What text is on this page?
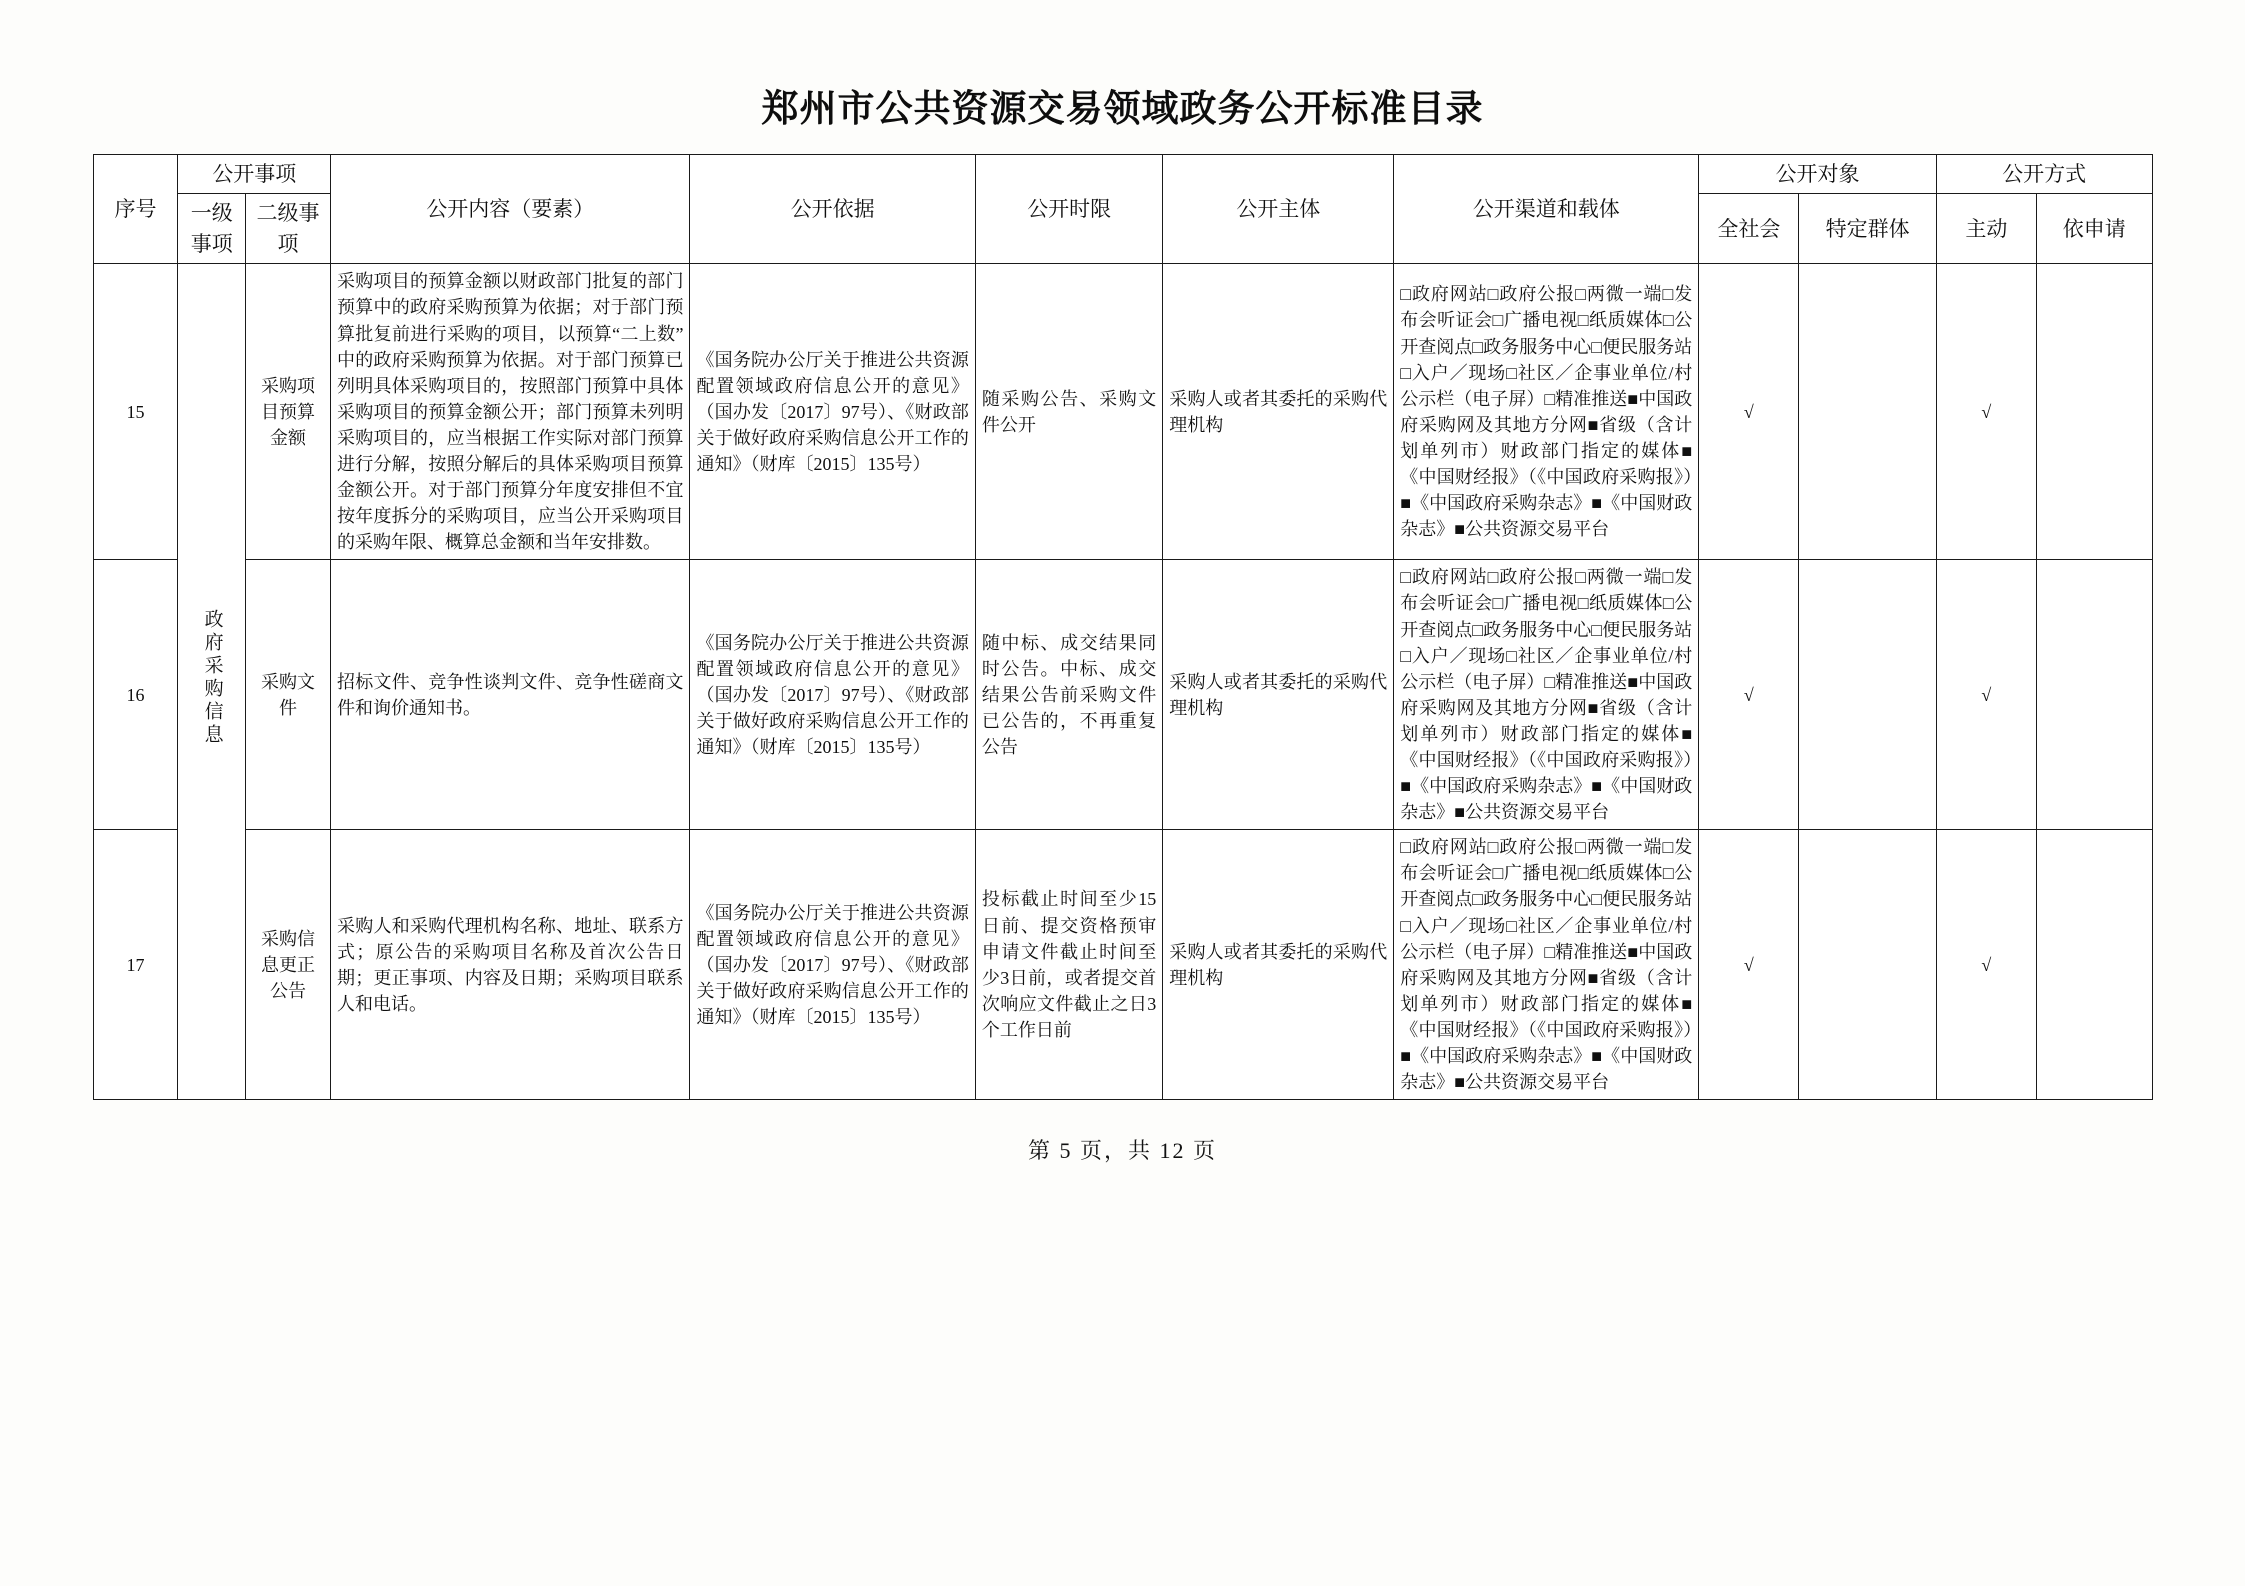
郑州市公共资源交易领域政务公开标准目录
序号	公开事项		公开内容（要素）	公开依据	公开时限	公开主体	公开渠道和载体	公开对象		公开方式	
	一级事项	二级事项						全社会	特定群体	主动	依申请
15	政府采购信息	采购项目预算金额	采购项目的预算金额以财政部门批复的部门预算中的政府采购预算为依据；对于部门预算批复前进行采购的项目，以预算“二上数”中的政府采购预算为依据。对于部门预算已列明具体采购项目的，按照部门预算中具体采购项目的预算金额公开；部门预算未列明采购项目的，应当根据工作实际对部门预算进行分解，按照分解后的具体采购项目预算金额公开。对于部门预算分年度安排但不宜按年度拆分的采购项目，应当公开采购项目的采购年限、概算总金额和当年安排数。	《国务院办公厅关于推进公共资源配置领域政府信息公开的意见》（国办发〔2017〕97号）、《财政部关于做好政府采购信息公开工作的通知》（财库〔2015〕135号）	随采购公告、采购文件公开	采购人或者其委托的采购代理机构	□政府网站□政府公报□两微一端□发布会听证会□广播电视□纸质媒体□公开查阅点□政务服务中心□便民服务站□入户／现场□社区／企事业单位/村公示栏（电子屏）□精准推送■中国政府采购网及其地方分网■省级（含计划单列市）财政部门指定的媒体■《中国财经报》（《中国政府采购报》）■《中国政府采购杂志》■《中国财政杂志》■公共资源交易平台	√		√	
16		采购文件	招标文件、竞争性谈判文件、竞争性磋商文件和询价通知书。	《国务院办公厅关于推进公共资源配置领域政府信息公开的意见》（国办发〔2017〕97号）、《财政部关于做好政府采购信息公开工作的通知》（财库〔2015〕135号）	随中标、成交结果同时公告。中标、成交结果公告前采购文件已公告的，不再重复公告	采购人或者其委托的采购代理机构	□政府网站□政府公报□两微一端□发布会听证会□广播电视□纸质媒体□公开查阅点□政务服务中心□便民服务站□入户／现场□社区／企事业单位/村公示栏（电子屏）□精准推送■中国政府采购网及其地方分网■省级（含计划单列市）财政部门指定的媒体■《中国财经报》（《中国政府采购报》）■《中国政府采购杂志》■《中国财政杂志》■公共资源交易平台	√		√	
17		采购信息更正公告	采购人和采购代理机构名称、地址、联系方式；原公告的采购项目名称及首次公告日期；更正事项、内容及日期；采购项目联系人和电话。	《国务院办公厅关于推进公共资源配置领域政府信息公开的意见》（国办发〔2017〕97号）、《财政部关于做好政府采购信息公开工作的通知》（财库〔2015〕135号）	投标截止时间至少15日前、提交资格预审申请文件截止时间至少3日前，或者提交首次响应文件截止之日3个工作日前	采购人或者其委托的采购代理机构	□政府网站□政府公报□两微一端□发布会听证会□广播电视□纸质媒体□公开查阅点□政务服务中心□便民服务站□入户／现场□社区／企事业单位/村公示栏（电子屏）□精准推送■中国政府采购网及其地方分网■省级（含计划单列市）财政部门指定的媒体■《中国财经报》（《中国政府采购报》）■《中国政府采购杂志》■《中国财政杂志》■公共资源交易平台	√		√	
第 5 页，共 12 页
